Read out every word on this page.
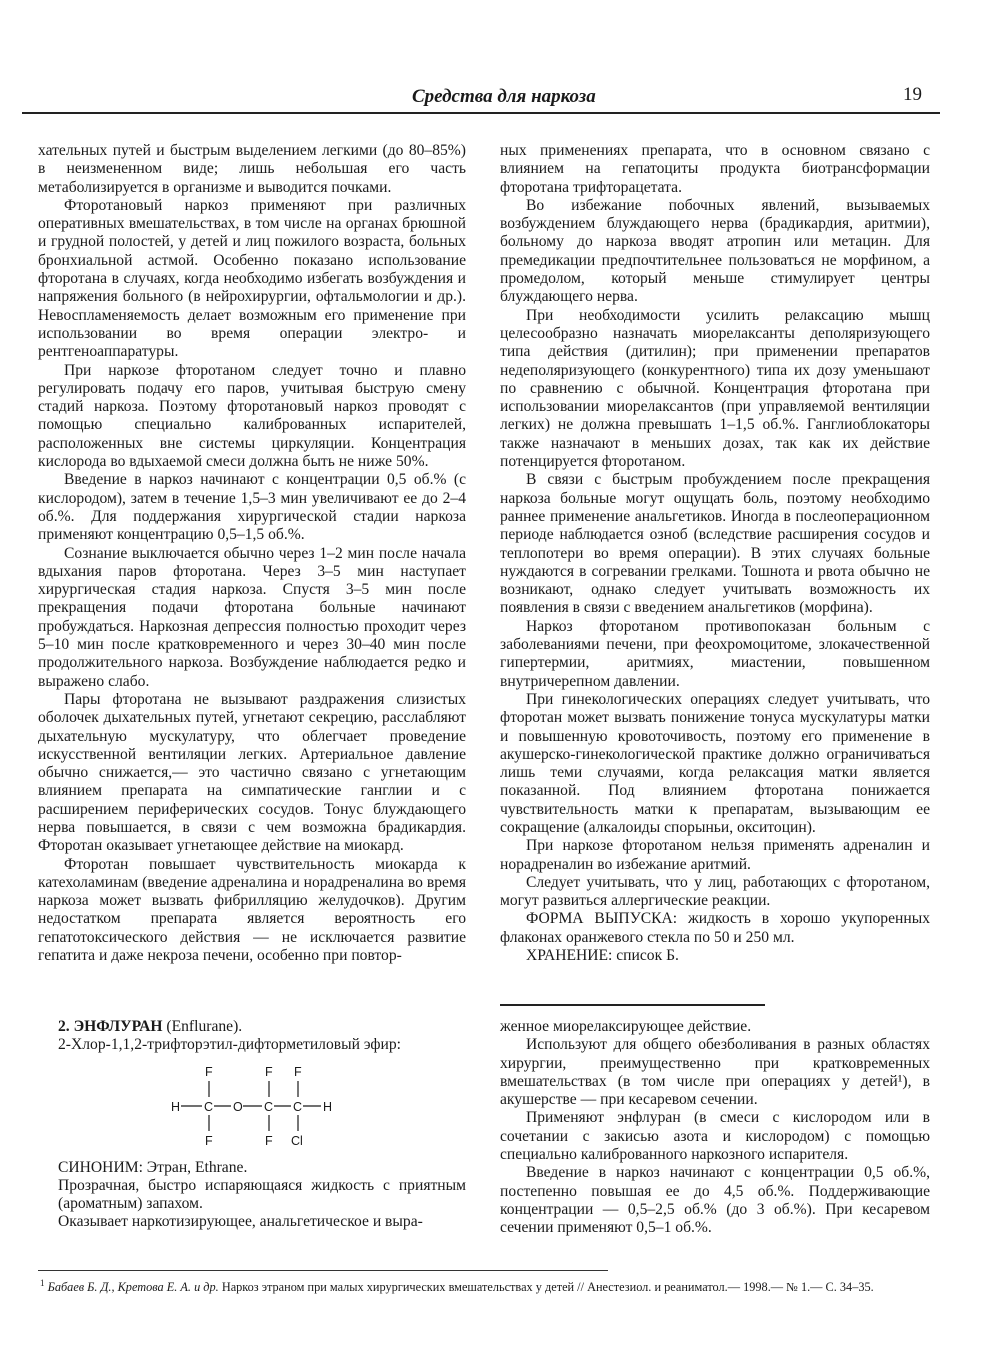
Средства для наркоза	19

хательных путей и быстрым выделением легкими (до 80–85%) в неизмененном виде; лишь небольшая его часть метаболизируется в организме и выводится почками.

Фторотановый наркоз применяют при различных оперативных вмешательствах, в том числе на органах брюшной и грудной полостей, у детей и лиц пожилого возраста, больных бронхиальной астмой. Особенно показано использование фторотана в случаях, когда необходимо избегать возбуждения и напряжения больного (в нейрохирургии, офтальмологии и др.). Невоспламеняемость делает возможным его применение при использовании во время операции электро- и рентгеноаппаратуры.

При наркозе фторотаном следует точно и плавно регулировать подачу его паров, учитывая быструю смену стадий наркоза. Поэтому фторотановый наркоз проводят с помощью специально калиброванных испарителей, расположенных вне системы циркуляции. Концентрация кислорода во вдыхаемой смеси должна быть не ниже 50%.

Введение в наркоз начинают с концентрации 0,5 об.% (с кислородом), затем в течение 1,5–3 мин увеличивают ее до 2–4 об.%. Для поддержания хирургической стадии наркоза применяют концентрацию 0,5–1,5 об.%.

Сознание выключается обычно через 1–2 мин после начала вдыхания паров фторотана. Через 3–5 мин наступает хирургическая стадия наркоза. Спустя 3–5 мин после прекращения подачи фторотана больные начинают пробуждаться. Наркозная депрессия полностью проходит через 5–10 мин после кратковременного и через 30–40 мин после продолжительного наркоза. Возбуждение наблюдается редко и выражено слабо.

Пары фторотана не вызывают раздражения слизистых оболочек дыхательных путей, угнетают секрецию, расслабляют дыхательную мускулатуру, что облегчает проведение искусственной вентиляции легких. Артериальное давление обычно снижается,— это частично связано с угнетающим влиянием препарата на симпатические ганглии и с расширением периферических сосудов. Тонус блуждающего нерва повышается, в связи с чем возможна брадикардия. Фторотан оказывает угнетающее действие на миокард.

Фторотан повышает чувствительность миокарда к катехоламинам (введение адреналина и норадреналина во время наркоза может вызвать фибрилляцию желудочков). Другим недостатком препарата является вероятность его гепатотоксического действия — не исключается развитие гепатита и даже некроза печени, особенно при повтор-

ных применениях препарата, что в основном связано с влиянием на гепатоциты продукта биотрансформации фторотана трифторацетата.

Во избежание побочных явлений, вызываемых возбуждением блуждающего нерва (брадикардия, аритмии), больному до наркоза вводят атропин или метацин. Для премедикации предпочтительнее пользоваться не морфином, а промедолом, который меньше стимулирует центры блуждающего нерва.

При необходимости усилить релаксацию мышц целесообразно назначать миорелаксанты деполяризующего типа действия (дитилин); при применении препаратов недеполяризующего (конкурентного) типа их дозу уменьшают по сравнению с обычной. Концентрация фторотана при использовании миорелаксантов (при управляемой вентиляции легких) не должна превышать 1–1,5 об.%. Ганглиоблокаторы также назначают в меньших дозах, так как их действие потенцируется фторотаном.

В связи с быстрым пробуждением после прекращения наркоза больные могут ощущать боль, поэтому необходимо раннее применение анальгетиков. Иногда в послеоперационном периоде наблюдается озноб (вследствие расширения сосудов и теплопотери во время операции). В этих случаях больные нуждаются в согревании грелками. Тошнота и рвота обычно не возникают, однако следует учитывать возможность их появления в связи с введением анальгетиков (морфина).

Наркоз фторотаном противопоказан больным с заболеваниями печени, при феохромоцитоме, злокачественной гипертермии, аритмиях, миастении, повышенном внутричерепном давлении.

При гинекологических операциях следует учитывать, что фторотан может вызвать понижение тонуса мускулатуры матки и повышенную кровоточивость, поэтому его применение в акушерско-гинекологической практике должно ограничиваться лишь теми случаями, когда релаксация матки является показанной. Под влиянием фторотана понижается чувствительность матки к препаратам, вызывающим ее сокращение (алкалоиды спорыньи, окситоцин).

При наркозе фторотаном нельзя применять адреналин и норадреналин во избежание аритмий.

Следует учитывать, что у лиц, работающих с фторотаном, могут развиться аллергические реакции.

ФОРМА ВЫПУСКА: жидкость в хорошо укупоренных флаконах оранжевого стекла по 50 и 250 мл.

ХРАНЕНИЕ: список Б.

2. ЭНФЛУРАН (Enflurane).

2-Хлор-1,1,2-трифторэтил-дифторметиловый эфир:

F	F F
H C O C C H
F	F Cl

СИНОНИМ: Этран, Ethrane.

Прозрачная, быстро испаряющаяся жидкость с приятным (ароматным) запахом.

Оказывает наркотизирующее, анальгетическое и выра-

женное миорелаксирующее действие.

Используют для общего обезболивания в разных областях хирургии, преимущественно при кратковременных вмешательствах (в том числе при операциях у детей¹), в акушерстве — при кесаревом сечении.

Применяют энфлуран (в смеси с кислородом или в сочетании с закисью азота и кислородом) с помощью специально калиброванного наркозного испарителя.

Введение в наркоз начинают с концентрации 0,5 об.%, постепенно повышая ее до 4,5 об.%. Поддерживающие концентрации — 0,5–2,5 об.% (до 3 об.%). При кесаревом сечении применяют 0,5–1 об.%.

$^1$ Бабаев Б. Д., Кретова Е. А. и др. Наркоз этраном при малых хирургических вмешательствах у детей // Анестезиол. и реаниматол.— 1998.— № 1.— С. 34–35.
